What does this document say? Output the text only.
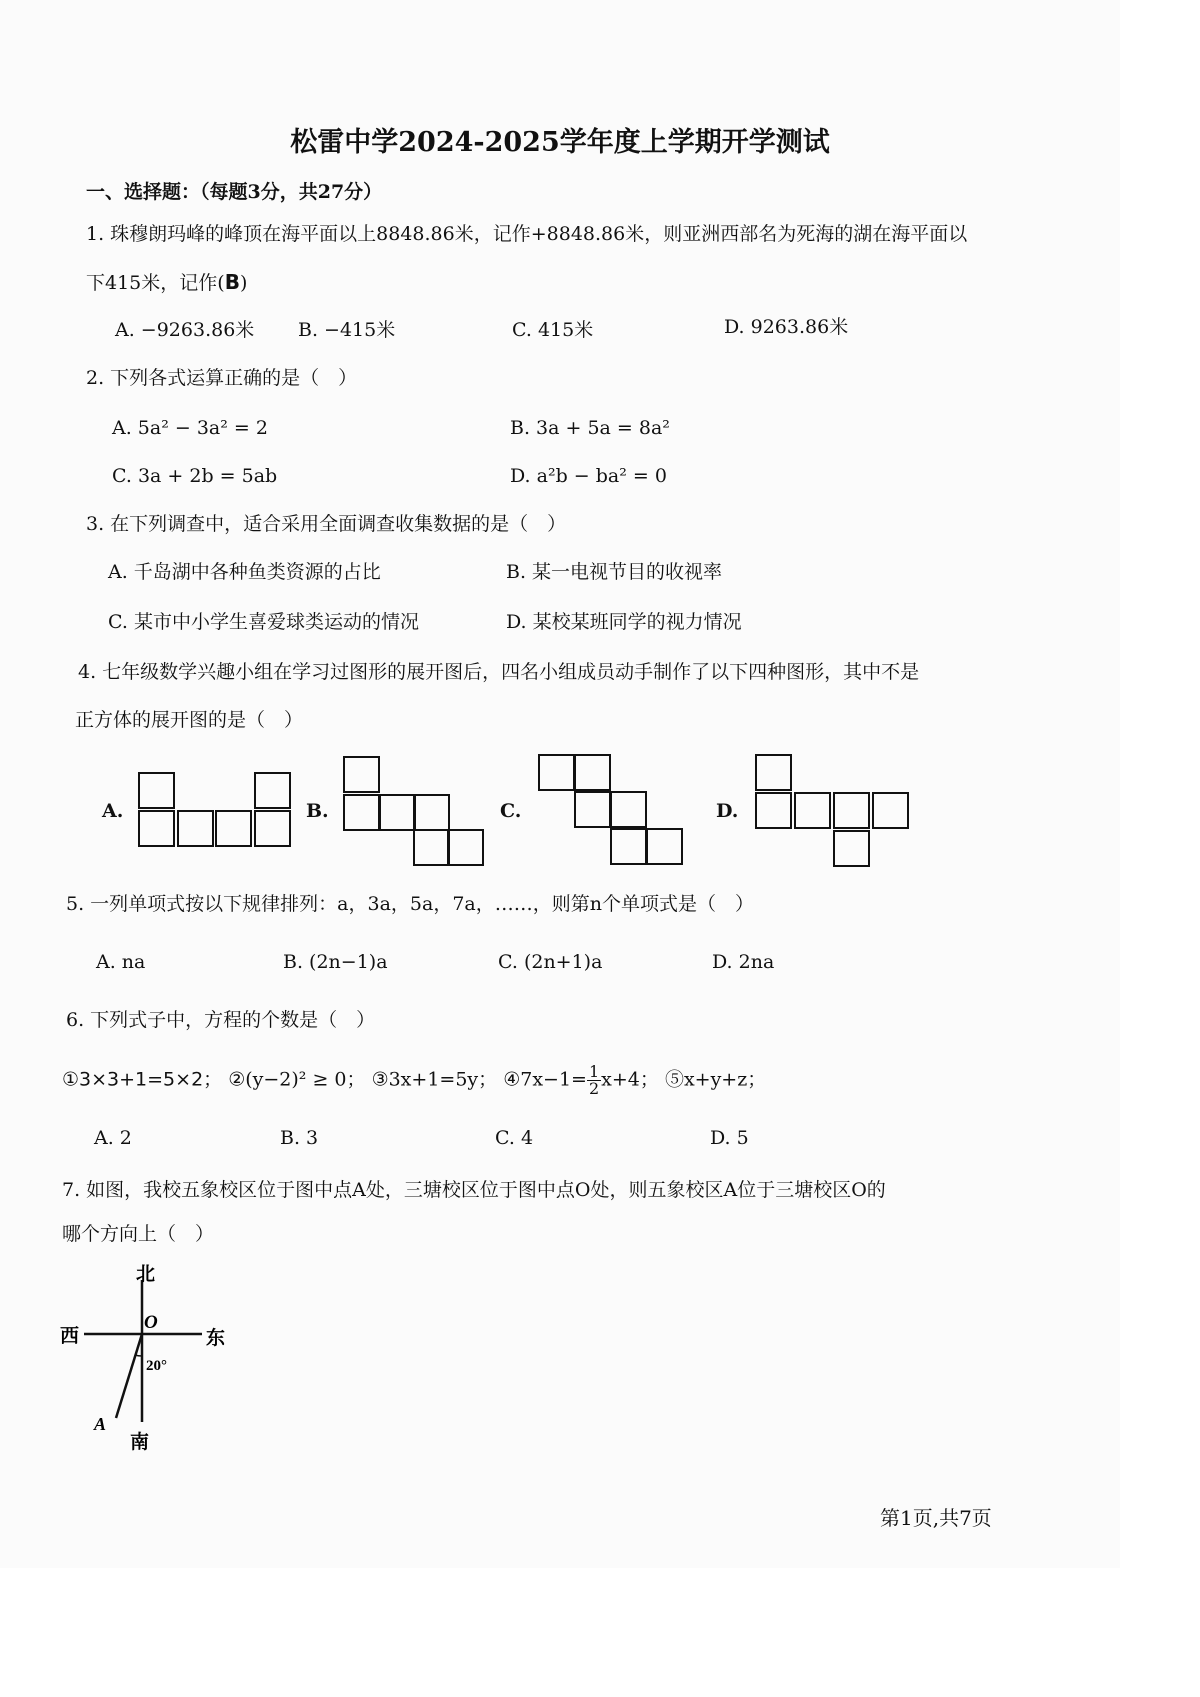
松雷中学2024-2025学年度上学期开学测试
一、选择题：（每题3分，共27分）
1. 珠穆朗玛峰的峰顶在海平面以上8848.86米，记作+8848.86米，则亚洲西部名为死海的湖在海平面以
下415米，记作(B)
A. −9263.86米 B. −415米	C. 415米	D. 9263.86米
2. 下列各式运算正确的是（　）
A. 5a² − 3a² = 2	B. 3a + 5a = 8a²
C. 3a + 2b = 5ab	D. a²b − ba² = 0
3. 在下列调查中，适合采用全面调查收集数据的是（　）
A. 千岛湖中各种鱼类资源的占比	B. 某一电视节目的收视率
C. 某市中小学生喜爱球类运动的情况	D. 某校某班同学的视力情况
4. 七年级数学兴趣小组在学习过图形的展开图后，四名小组成员动手制作了以下四种图形，其中不是
正方体的展开图的是（　）
A.	B.	C.	D.
5. 一列单项式按以下规律排列：a，3a，5a，7a，……，则第n个单项式是（　）
A. na	B. (2n−1)a	C. (2n+1)a	D. 2na
6. 下列式子中，方程的个数是（　）
①3×3+1=5×2； ②(y−2)² ≥ 0； ③3x+1=5y； ④7x−1= $\frac{1}{2} x+4$； ⑤x+y+z；
A. 2	B. 3	C. 4	D. 5
7. 如图，我校五象校区位于图中点A处，三塘校区位于图中点O处，则五象校区A位于三塘校区O的
哪个方向上（　）
北
南
西	东
O
A
20°
第1页,共7页
